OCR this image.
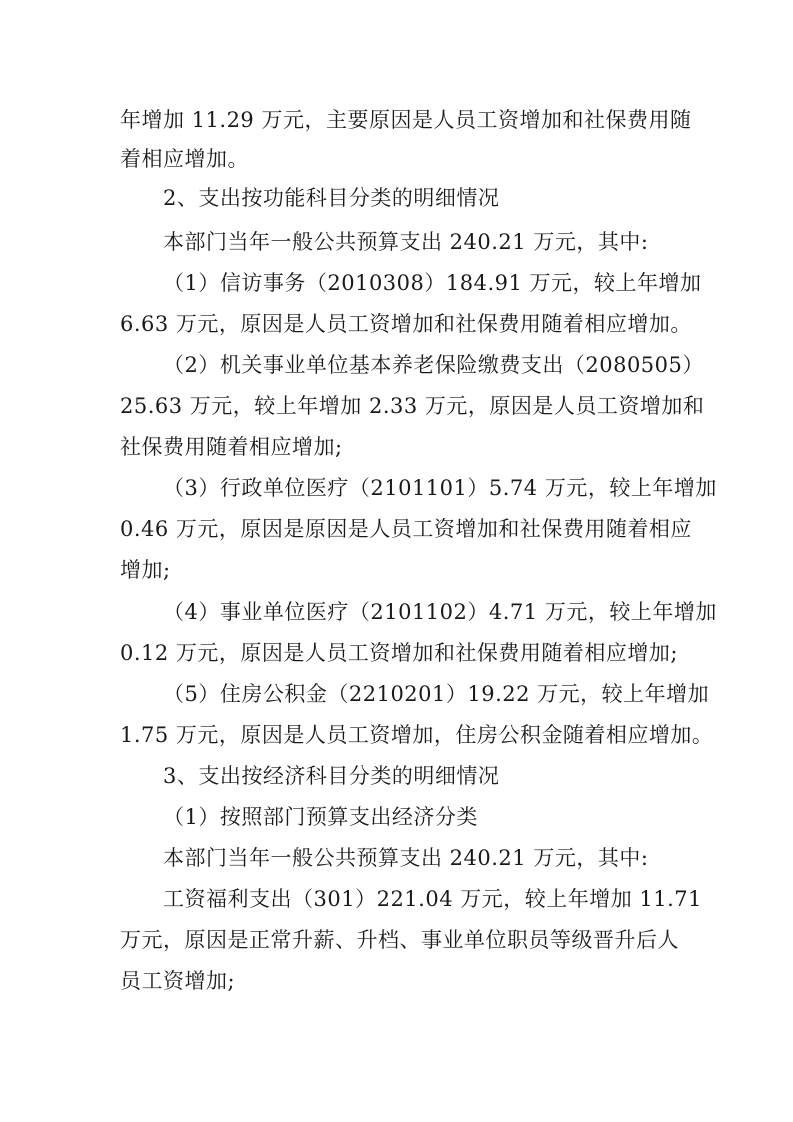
年增加 11.29 万元，主要原因是人员工资增加和社保费用随
着相应增加。
2、支出按功能科目分类的明细情况
本部门当年一般公共预算支出 240.21 万元，其中:
（1）信访事务（2010308）184.91 万元，较上年增加
6.63 万元，原因是人员工资增加和社保费用随着相应增加。
（2）机关事业单位基本养老保险缴费支出（2080505）
25.63 万元，较上年增加 2.33 万元，原因是人员工资增加和
社保费用随着相应增加;
（3）行政单位医疗（2101101）5.74 万元，较上年增加
0.46 万元，原因是原因是人员工资增加和社保费用随着相应
增加;
（4）事业单位医疗（2101102）4.71 万元，较上年增加
0.12 万元，原因是人员工资增加和社保费用随着相应增加;
（5）住房公积金（2210201）19.22 万元，较上年增加
1.75 万元，原因是人员工资增加，住房公积金随着相应增加。
3、支出按经济科目分类的明细情况
（1）按照部门预算支出经济分类
本部门当年一般公共预算支出 240.21 万元，其中:
工资福利支出（301）221.04 万元，较上年增加 11.71
万元，原因是正常升薪、升档、事业单位职员等级晋升后人
员工资增加;
